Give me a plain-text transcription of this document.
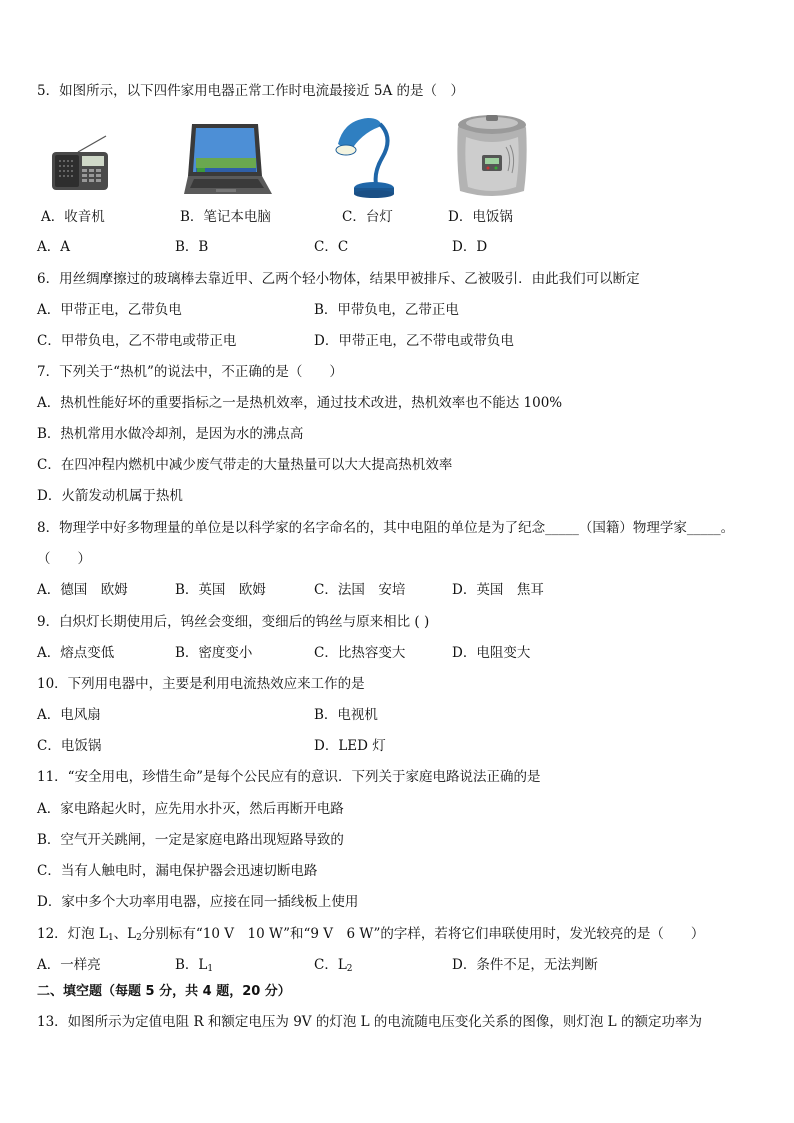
5．如图所示，以下四件家用电器正常工作时电流最接近 5A 的是（　）
A．收音机	B．笔记本电脑	C．台灯	D．电饭锅
A．A	B．B	C．C	D．D
6．用丝绸摩擦过的玻璃棒去靠近甲、乙两个轻小物体，结果甲被排斥、乙被吸引．由此我们可以断定
A．甲带正电，乙带负电	B．甲带负电，乙带正电
C．甲带负电，乙不带电或带正电	D．甲带正电，乙不带电或带负电
7．下列关于“热机”的说法中，不正确的是（　　）
A．热机性能好坏的重要指标之一是热机效率，通过技术改进，热机效率也不能达 100%
B．热机常用水做冷却剂，是因为水的沸点高
C．在四冲程内燃机中减少废气带走的大量热量可以大大提高热机效率
D．火箭发动机属于热机
8．物理学中好多物理量的单位是以科学家的名字命名的，其中电阻的单位是为了纪念_____（国籍）物理学家_____。
（　　）
A．德国　欧姆	B．英国　欧姆	C．法国　安培	D．英国　焦耳
9．白炽灯长期使用后，钨丝会变细，变细后的钨丝与原来相比 ( )
A．熔点变低	B．密度变小	C．比热容变大	D．电阻变大
10．下列用电器中，主要是利用电流热效应来工作的是
A．电风扇	B．电视机
C．电饭锅	D．LED 灯
11．“安全用电，珍惜生命”是每个公民应有的意识．下列关于家庭电路说法正确的是
A．家电路起火时，应先用水扑灭，然后再断开电路
B．空气开关跳闸，一定是家庭电路出现短路导致的
C．当有人触电时，漏电保护器会迅速切断电路
D．家中多个大功率用电器，应接在同一插线板上使用
12．灯泡 $L_1$、$L_2$分别标有“10 V　10 W”和“9 V　6 W”的字样，若将它们串联使用时，发光较亮的是（　　）
A．一样亮	B．$L_1$	C．$L_2$	D．条件不足，无法判断
二、填空题（每题 5 分，共 4 题，20 分）
13．如图所示为定值电阻 R 和额定电压为 9V 的灯泡 L 的电流随电压变化关系的图像，则灯泡 L 的额定功率为
